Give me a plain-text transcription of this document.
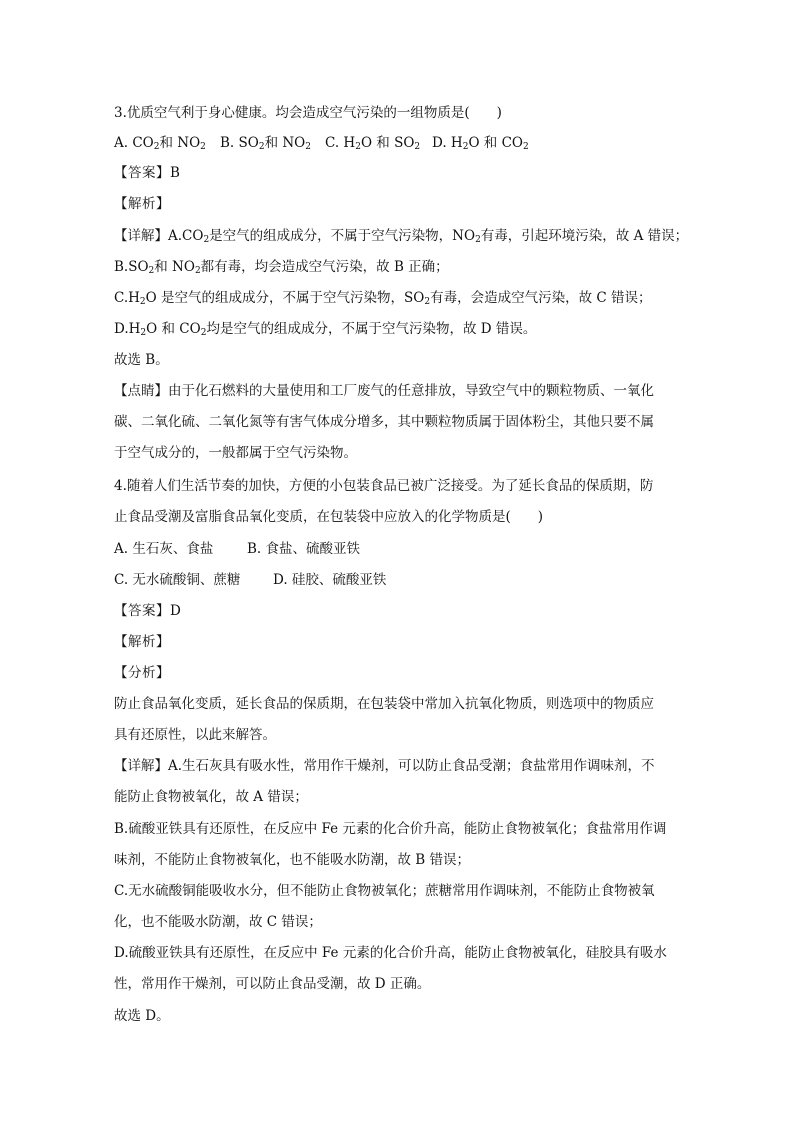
3.优质空气利于身心健康。均会造成空气污染的一组物质是(　　)
A. $CO_2$和 $NO_2$ B. $SO_2$和 $NO_2$ C. $H_2O$ 和 $SO_2$ D. $H_2O$ 和 $CO_2$
【答案】B
【解析】
【详解】$A.CO_2$是空气的组成成分，不属于空气污染物，$NO_2$有毒，引起环境污染，故 A 错误；
$B.SO_2$和 $NO_2$都有毒，均会造成空气污染，故 B 正确；
$C.H_2O$ 是空气的组成成分，不属于空气污染物，$SO_2$有毒，会造成空气污染，故 C 错误；
$D.H_2O$ 和 $CO_2$均是空气的组成成分，不属于空气污染物，故 D 错误。
故选 B。
【点睛】由于化石燃料的大量使用和工厂废气的任意排放，导致空气中的颗粒物质、一氧化
碳、二氧化硫、二氧化氮等有害气体成分增多，其中颗粒物质属于固体粉尘，其他只要不属
于空气成分的，一般都属于空气污染物。
4.随着人们生活节奏的加快，方便的小包装食品已被广泛接受。为了延长食品的保质期，防
止食品受潮及富脂食品氧化变质，在包装袋中应放入的化学物质是(　　)
A. 生石灰、食盐 B. 食盐、硫酸亚铁
C. 无水硫酸铜、蔗糖 D. 硅胶、硫酸亚铁
【答案】D
【解析】
【分析】
防止食品氧化变质，延长食品的保质期，在包装袋中常加入抗氧化物质，则选项中的物质应
具有还原性，以此来解答。
【详解】A.生石灰具有吸水性，常用作干燥剂，可以防止食品受潮；食盐常用作调味剂，不
能防止食物被氧化，故 A 错误；
B.硫酸亚铁具有还原性，在反应中 Fe 元素的化合价升高，能防止食物被氧化；食盐常用作调
味剂，不能防止食物被氧化，也不能吸水防潮，故 B 错误；
C.无水硫酸铜能吸收水分，但不能防止食物被氧化；蔗糖常用作调味剂，不能防止食物被氧
化，也不能吸水防潮，故 C 错误；
D.硫酸亚铁具有还原性，在反应中 Fe 元素的化合价升高，能防止食物被氧化，硅胶具有吸水
性，常用作干燥剂，可以防止食品受潮，故 D 正确。
故选 D。
